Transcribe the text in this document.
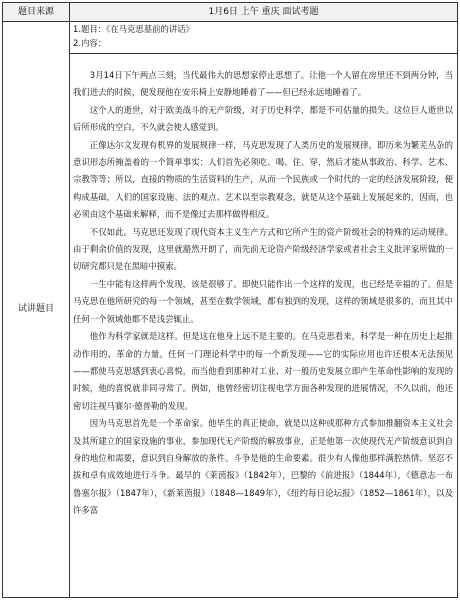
题目来源	1月6日 上午 重庆 面试考题
试讲题目
1.题目：《在马克思墓前的讲话》
2.内容：

3月14日下午两点三刻，当代最伟大的思想家停止思想了。让他一个人留在房里还不到两分钟，当我们进去的时候，便发现他在安乐椅上安静地睡着了——但已经永远地睡着了。

这个人的逝世，对于欧美战斗的无产阶级，对于历史科学，都是不可估量的损失。这位巨人逝世以后所形成的空白，不久就会使人感觉到。

正像达尔文发现有机界的发展规律一样，马克思发现了人类历史的发展规律，即历来为繁芜丛杂的意识形态所掩盖着的一个简单事实：人们首先必须吃、喝、住、穿，然后才能从事政治、科学、艺术、宗教等等；所以，直接的物质的生活资料的生产，从而一个民族或一个时代的一定的经济发展阶段，便构成基础，人们的国家设施、法的观点、艺术以至宗教观念，就是从这个基础上发展起来的，因而，也必须由这个基础来解释，而不是像过去那样做得相反。

不仅如此。马克思还发现了现代资本主义生产方式和它所产生的资产阶级社会的特殊的运动规律。由于剩余价值的发现，这里就豁然开朗了，而先前无论资产阶级经济学家或者社会主义批评家所做的一切研究都只是在黑暗中摸索。

一生中能有这样两个发现，该是很够了。即使只能作出一个这样的发现，也已经是幸福的了。但是马克思在他所研究的每一个领域，甚至在数学领域，都有独到的发现，这样的领域是很多的，而且其中任何一个领域他都不是浅尝辄止。

他作为科学家就是这样。但是这在他身上远不是主要的。在马克思看来，科学是一种在历史上起推动作用的、革命的力量。任何一门理论科学中的每一个新发现——它的实际应用也许还根本无法预见——都使马克思感到衷心喜悦，而当他看到那种对工业、对一般历史发展立即产生革命性影响的发现的时候，他的喜悦就非同寻常了。例如，他曾经密切注视电学方面各种发现的进展情况，不久以前，他还密切注视马赛尔·德普勒的发现。

因为马克思首先是一个革命家。他毕生的真正使命，就是以这种或那种方式参加推翻资本主义社会及其所建立的国家设施的事业，参加现代无产阶级的解放事业，正是他第一次使现代无产阶级意识到自身的地位和需要，意识到自身解放的条件。斗争是他的生命要素。很少有人像他那样满腔热情、坚忍不拔和卓有成效地进行斗争。最早的《莱茵报》（1842年），巴黎的《前进报》（1844年），《德意志一布鲁塞尔报》（1847年），《新莱茵报》（1848—1849年），《纽约每日论坛报》（1852—1861年），以及许多富
